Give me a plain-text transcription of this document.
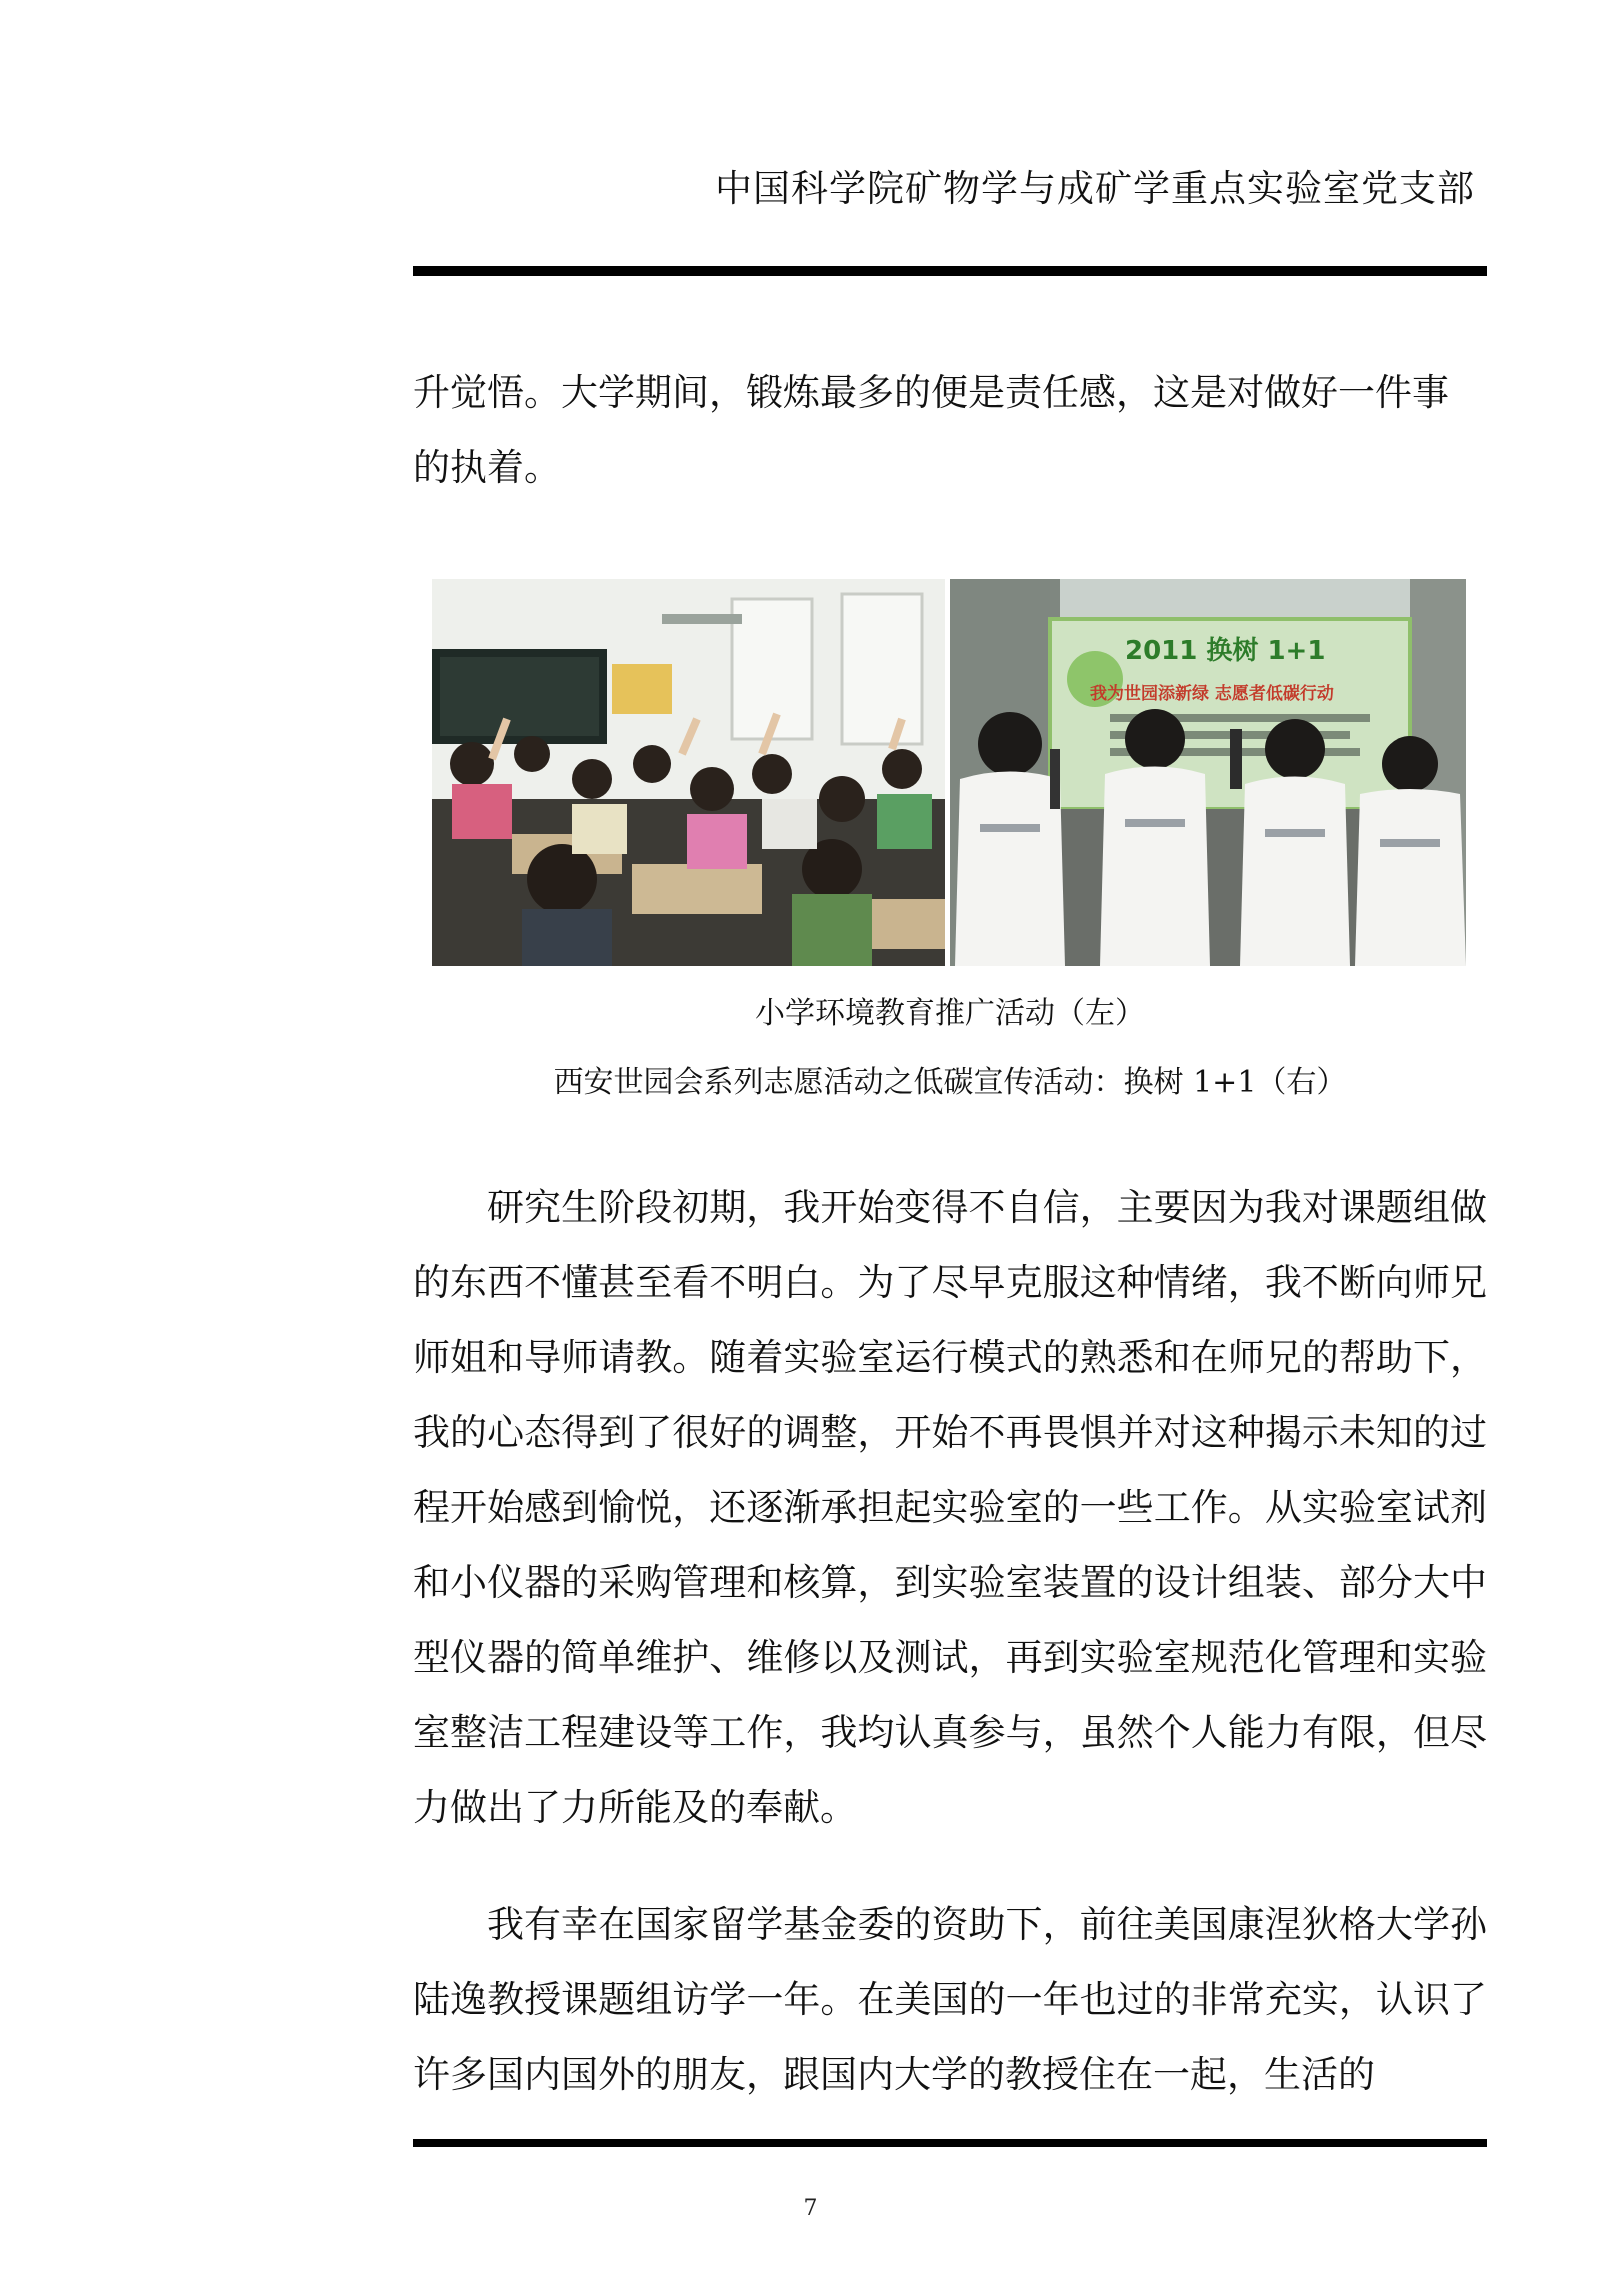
中国科学院矿物学与成矿学重点实验室党支部

升觉悟。大学期间，锻炼最多的便是责任感，这是对做好一件事

的执着。

2011 换树 1+1
我为世园添新绿 志愿者低碳行动
小学环境教育推广活动（左）
西安世园会系列志愿活动之低碳宣传活动：换树 1+1（右）

研究生阶段初期，我开始变得不自信，主要因为我对课题组做的东西不懂甚至看不明白。为了尽早克服这种情绪，我不断向师兄师姐和导师请教。随着实验室运行模式的熟悉和在师兄的帮助下，我的心态得到了很好的调整，开始不再畏惧并对这种揭示未知的过程开始感到愉悦，还逐渐承担起实验室的一些工作。从实验室试剂和小仪器的采购管理和核算，到实验室装置的设计组装、部分大中型仪器的简单维护、维修以及测试，再到实验室规范化管理和实验室整洁工程建设等工作，我均认真参与，虽然个人能力有限，但尽力做出了力所能及的奉献。

我有幸在国家留学基金委的资助下，前往美国康涅狄格大学孙陆逸教授课题组访学一年。在美国的一年也过的非常充实，认识了许多国内国外的朋友，跟国内大学的教授住在一起，生活的

7
